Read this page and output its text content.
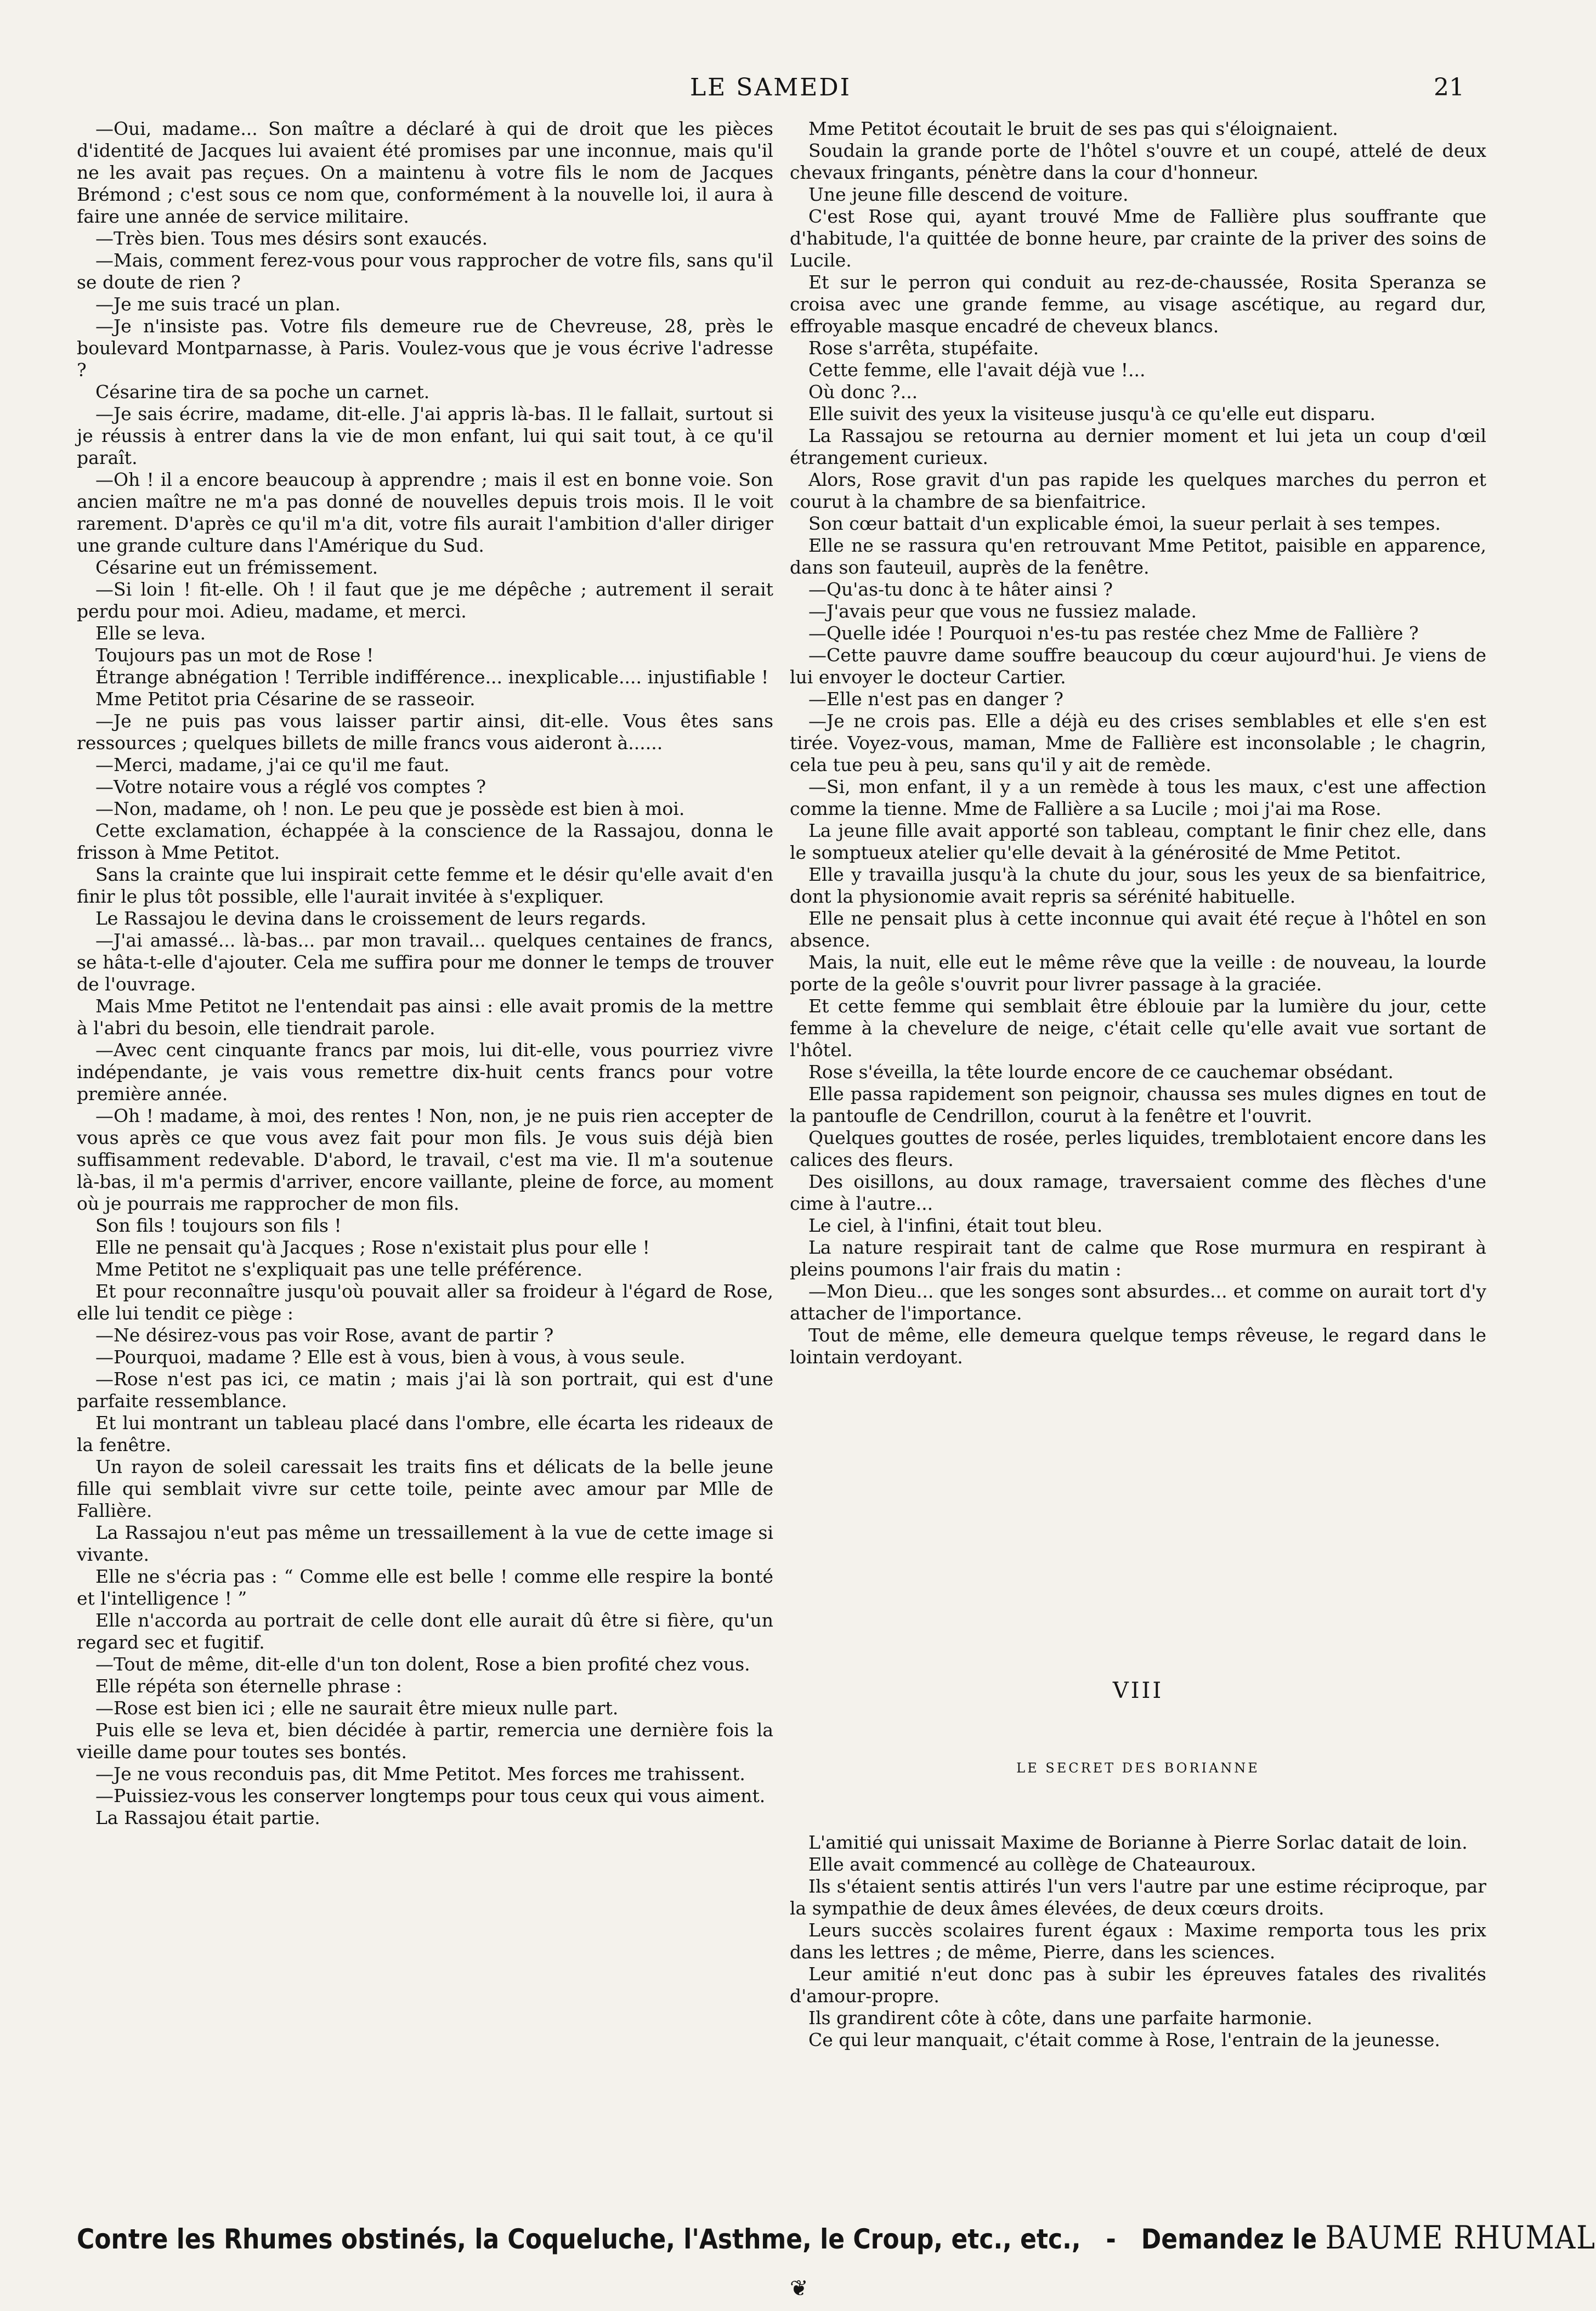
LE SAMEDI	21

—Oui, madame... Son maître a déclaré à qui de droit que les pièces d'identité de Jacques lui avaient été promises par une inconnue, mais qu'il ne les avait pas reçues. On a maintenu à votre fils le nom de Jacques Brémond ; c'est sous ce nom que, conformément à la nouvelle loi, il aura à faire une année de service militaire.

—Très bien. Tous mes désirs sont exaucés.

—Mais, comment ferez-vous pour vous rapprocher de votre fils, sans qu'il se doute de rien ?

—Je me suis tracé un plan.

—Je n'insiste pas. Votre fils demeure rue de Chevreuse, 28, près le boulevard Montparnasse, à Paris. Voulez-vous que je vous écrive l'adresse ?

Césarine tira de sa poche un carnet.

—Je sais écrire, madame, dit-elle. J'ai appris là-bas. Il le fallait, surtout si je réussis à entrer dans la vie de mon enfant, lui qui sait tout, à ce qu'il paraît.

—Oh ! il a encore beaucoup à apprendre ; mais il est en bonne voie. Son ancien maître ne m'a pas donné de nouvelles depuis trois mois. Il le voit rarement. D'après ce qu'il m'a dit, votre fils aurait l'ambition d'aller diriger une grande culture dans l'Amérique du Sud.

Césarine eut un frémissement.

—Si loin ! fit-elle. Oh ! il faut que je me dépêche ; autrement il serait perdu pour moi. Adieu, madame, et merci.

Elle se leva.

Toujours pas un mot de Rose !

Étrange abnégation ! Terrible indifférence... inexplicable.... injustifiable !

Mme Petitot pria Césarine de se rasseoir.

—Je ne puis pas vous laisser partir ainsi, dit-elle. Vous êtes sans ressources ; quelques billets de mille francs vous aideront à......

—Merci, madame, j'ai ce qu'il me faut.

—Votre notaire vous a réglé vos comptes ?

—Non, madame, oh ! non. Le peu que je possède est bien à moi.

Cette exclamation, échappée à la conscience de la Rassajou, donna le frisson à Mme Petitot.

Sans la crainte que lui inspirait cette femme et le désir qu'elle avait d'en finir le plus tôt possible, elle l'aurait invitée à s'expliquer.

Le Rassajou le devina dans le croissement de leurs regards.

—J'ai amassé... là-bas... par mon travail... quelques centaines de francs, se hâta-t-elle d'ajouter. Cela me suffira pour me donner le temps de trouver de l'ouvrage.

Mais Mme Petitot ne l'entendait pas ainsi : elle avait promis de la mettre à l'abri du besoin, elle tiendrait parole.

—Avec cent cinquante francs par mois, lui dit-elle, vous pourriez vivre indépendante, je vais vous remettre dix-huit cents francs pour votre première année.

—Oh ! madame, à moi, des rentes ! Non, non, je ne puis rien accepter de vous après ce que vous avez fait pour mon fils. Je vous suis déjà bien suffisamment redevable. D'abord, le travail, c'est ma vie. Il m'a soutenue là-bas, il m'a permis d'arriver, encore vaillante, pleine de force, au moment où je pourrais me rapprocher de mon fils.

Son fils ! toujours son fils !

Elle ne pensait qu'à Jacques ; Rose n'existait plus pour elle !

Mme Petitot ne s'expliquait pas une telle préférence.

Et pour reconnaître jusqu'où pouvait aller sa froideur à l'égard de Rose, elle lui tendit ce piège :

—Ne désirez-vous pas voir Rose, avant de partir ?

—Pourquoi, madame ? Elle est à vous, bien à vous, à vous seule.

—Rose n'est pas ici, ce matin ; mais j'ai là son portrait, qui est d'une parfaite ressemblance.

Et lui montrant un tableau placé dans l'ombre, elle écarta les rideaux de la fenêtre.

Un rayon de soleil caressait les traits fins et délicats de la belle jeune fille qui semblait vivre sur cette toile, peinte avec amour par Mlle de Fallière.

La Rassajou n'eut pas même un tressaillement à la vue de cette image si vivante.

Elle ne s'écria pas : “ Comme elle est belle ! comme elle respire la bonté et l'intelligence ! ”

Elle n'accorda au portrait de celle dont elle aurait dû être si fière, qu'un regard sec et fugitif.

—Tout de même, dit-elle d'un ton dolent, Rose a bien profité chez vous.

Elle répéta son éternelle phrase :

—Rose est bien ici ; elle ne saurait être mieux nulle part.

Puis elle se leva et, bien décidée à partir, remercia une dernière fois la vieille dame pour toutes ses bontés.

—Je ne vous reconduis pas, dit Mme Petitot. Mes forces me trahissent.

—Puissiez-vous les conserver longtemps pour tous ceux qui vous aiment.

La Rassajou était partie.

Mme Petitot écoutait le bruit de ses pas qui s'éloignaient.

Soudain la grande porte de l'hôtel s'ouvre et un coupé, attelé de deux chevaux fringants, pénètre dans la cour d'honneur.

Une jeune fille descend de voiture.

C'est Rose qui, ayant trouvé Mme de Fallière plus souffrante que d'habitude, l'a quittée de bonne heure, par crainte de la priver des soins de Lucile.

Et sur le perron qui conduit au rez-de-chaussée, Rosita Speranza se croisa avec une grande femme, au visage ascétique, au regard dur, effroyable masque encadré de cheveux blancs.

Rose s'arrêta, stupéfaite.

Cette femme, elle l'avait déjà vue !...

Où donc ?...

Elle suivit des yeux la visiteuse jusqu'à ce qu'elle eut disparu.

La Rassajou se retourna au dernier moment et lui jeta un coup d'œil étrangement curieux.

Alors, Rose gravit d'un pas rapide les quelques marches du perron et courut à la chambre de sa bienfaitrice.

Son cœur battait d'un explicable émoi, la sueur perlait à ses tempes.

Elle ne se rassura qu'en retrouvant Mme Petitot, paisible en apparence, dans son fauteuil, auprès de la fenêtre.

—Qu'as-tu donc à te hâter ainsi ?

—J'avais peur que vous ne fussiez malade.

—Quelle idée ! Pourquoi n'es-tu pas restée chez Mme de Fallière ?

—Cette pauvre dame souffre beaucoup du cœur aujourd'hui. Je viens de lui envoyer le docteur Cartier.

—Elle n'est pas en danger ?

—Je ne crois pas. Elle a déjà eu des crises semblables et elle s'en est tirée. Voyez-vous, maman, Mme de Fallière est inconsolable ; le chagrin, cela tue peu à peu, sans qu'il y ait de remède.

—Si, mon enfant, il y a un remède à tous les maux, c'est une affection comme la tienne. Mme de Fallière a sa Lucile ; moi j'ai ma Rose.

La jeune fille avait apporté son tableau, comptant le finir chez elle, dans le somptueux atelier qu'elle devait à la générosité de Mme Petitot.

Elle y travailla jusqu'à la chute du jour, sous les yeux de sa bienfaitrice, dont la physionomie avait repris sa sérénité habituelle.

Elle ne pensait plus à cette inconnue qui avait été reçue à l'hôtel en son absence.

Mais, la nuit, elle eut le même rêve que la veille : de nouveau, la lourde porte de la geôle s'ouvrit pour livrer passage à la graciée.

Et cette femme qui semblait être éblouie par la lumière du jour, cette femme à la chevelure de neige, c'était celle qu'elle avait vue sortant de l'hôtel.

Rose s'éveilla, la tête lourde encore de ce cauchemar obsédant.

Elle passa rapidement son peignoir, chaussa ses mules dignes en tout de la pantoufle de Cendrillon, courut à la fenêtre et l'ouvrit.

Quelques gouttes de rosée, perles liquides, tremblotaient encore dans les calices des fleurs.

Des oisillons, au doux ramage, traversaient comme des flèches d'une cime à l'autre...

Le ciel, à l'infini, était tout bleu.

La nature respirait tant de calme que Rose murmura en respirant à pleins poumons l'air frais du matin :

—Mon Dieu... que les songes sont absurdes... et comme on aurait tort d'y attacher de l'importance.

Tout de même, elle demeura quelque temps rêveuse, le regard dans le lointain verdoyant.

VIII
LE SECRET DES BORIANNE

L'amitié qui unissait Maxime de Borianne à Pierre Sorlac datait de loin.

Elle avait commencé au collège de Chateauroux.

Ils s'étaient sentis attirés l'un vers l'autre par une estime réciproque, par la sympathie de deux âmes élevées, de deux cœurs droits.

Leurs succès scolaires furent égaux : Maxime remporta tous les prix dans les lettres ; de même, Pierre, dans les sciences.

Leur amitié n'eut donc pas à subir les épreuves fatales des rivalités d'amour-propre.

Ils grandirent côte à côte, dans une parfaite harmonie.

Ce qui leur manquait, c'était comme à Rose, l'entrain de la jeunesse.

Contre les Rhumes obstinés, la Coqueluche, l'Asthme, le Croup, etc., etc., - Demandez le BAUME RHUMAL
❦
